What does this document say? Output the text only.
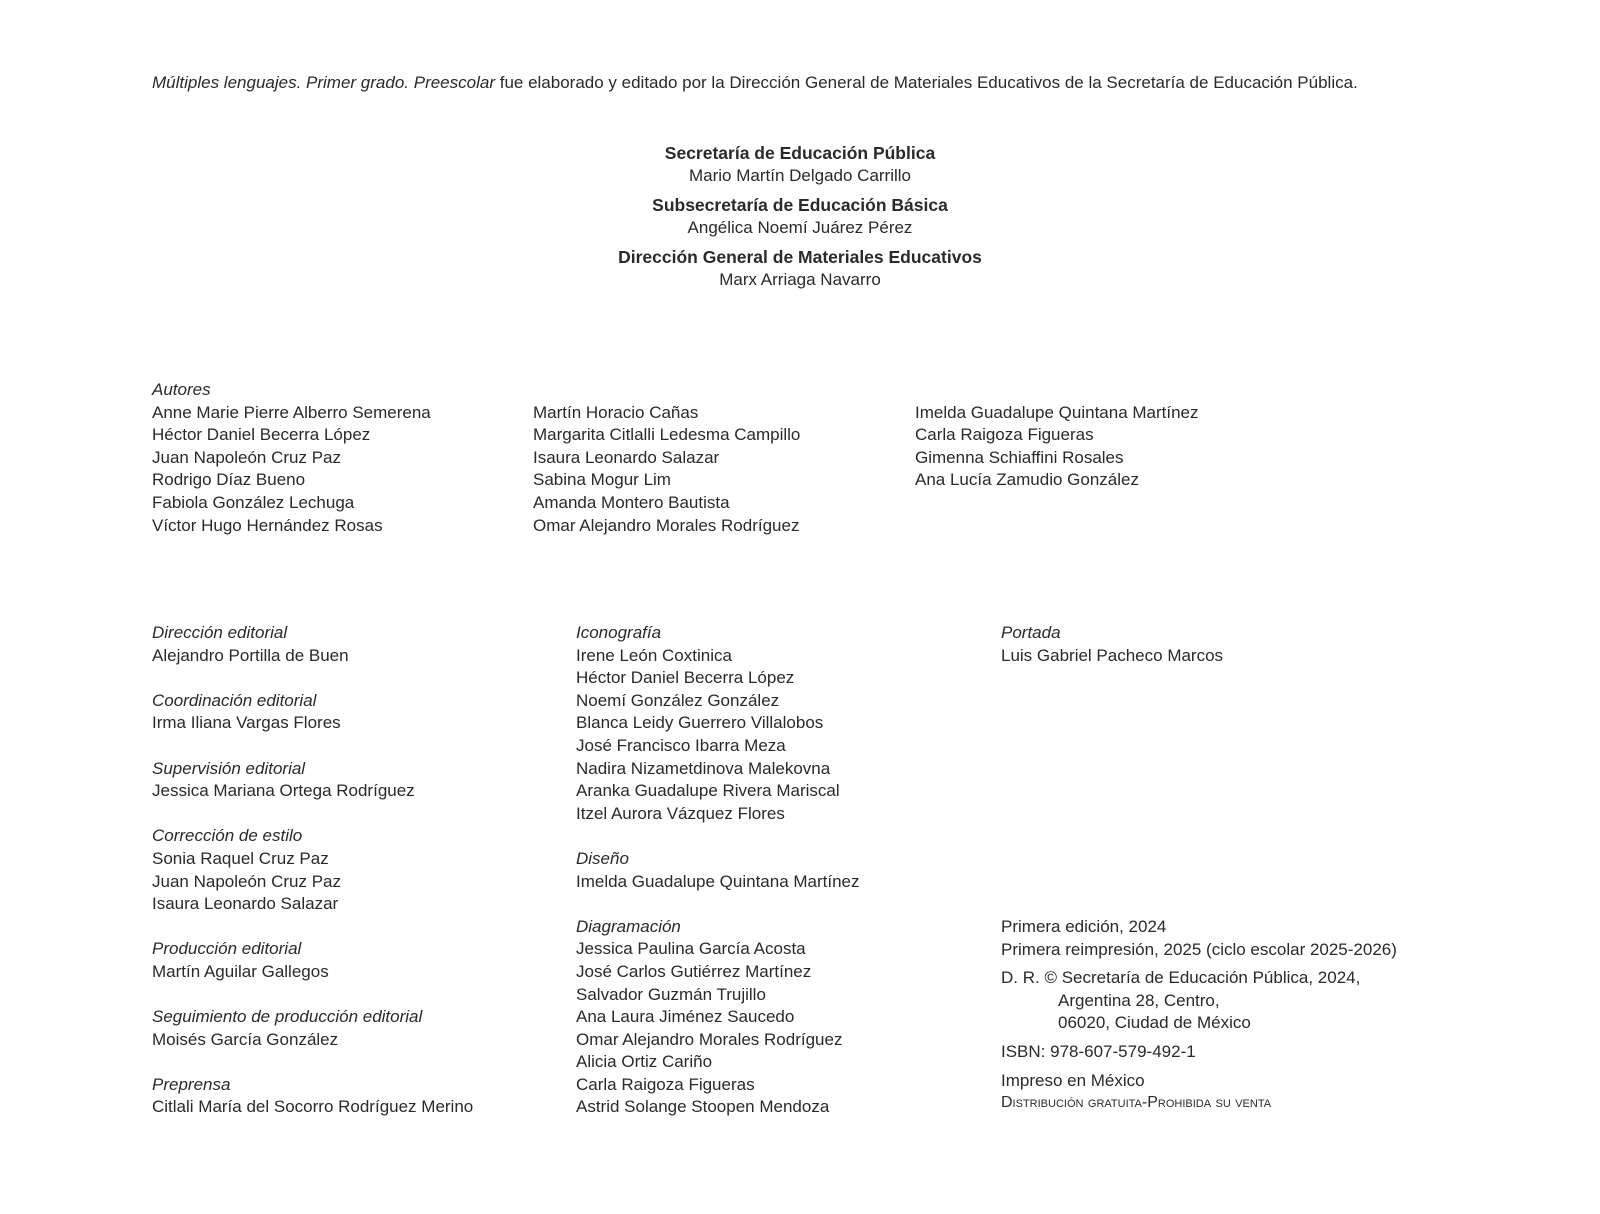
Múltiples lenguajes. Primer grado. Preescolar fue elaborado y editado por la Dirección General de Materiales Educativos de la Secretaría de Educación Pública.
Secretaría de Educación Pública
Mario Martín Delgado Carrillo
Subsecretaría de Educación Básica
Angélica Noemí Juárez Pérez
Dirección General de Materiales Educativos
Marx Arriaga Navarro
Autores
Anne Marie Pierre Alberro Semerena
Héctor Daniel Becerra López
Juan Napoleón Cruz Paz
Rodrigo Díaz Bueno
Fabiola González Lechuga
Víctor Hugo Hernández Rosas
Martín Horacio Cañas
Margarita Citlalli Ledesma Campillo
Isaura Leonardo Salazar
Sabina Mogur Lim
Amanda Montero Bautista
Omar Alejandro Morales Rodríguez
Imelda Guadalupe Quintana Martínez
Carla Raigoza Figueras
Gimenna Schiaffini Rosales
Ana Lucía Zamudio González
Dirección editorial
Alejandro Portilla de Buen
Coordinación editorial
Irma Iliana Vargas Flores
Supervisión editorial
Jessica Mariana Ortega Rodríguez
Corrección de estilo
Sonia Raquel Cruz Paz
Juan Napoleón Cruz Paz
Isaura Leonardo Salazar
Producción editorial
Martín Aguilar Gallegos
Seguimiento de producción editorial
Moisés García González
Preprensa
Citlali María del Socorro Rodríguez Merino
Iconografía
Irene León Coxtinica
Héctor Daniel Becerra López
Noemí González González
Blanca Leidy Guerrero Villalobos
José Francisco Ibarra Meza
Nadira Nizametdinova Malekovna
Aranka Guadalupe Rivera Mariscal
Itzel Aurora Vázquez Flores
Diseño
Imelda Guadalupe Quintana Martínez
Diagramación
Jessica Paulina García Acosta
José Carlos Gutiérrez Martínez
Salvador Guzmán Trujillo
Ana Laura Jiménez Saucedo
Omar Alejandro Morales Rodríguez
Alicia Ortiz Cariño
Carla Raigoza Figueras
Astrid Solange Stoopen Mendoza
Portada
Luis Gabriel Pacheco Marcos
Primera edición, 2024
Primera reimpresión, 2025 (ciclo escolar 2025-2026)
D. R. © Secretaría de Educación Pública, 2024,
Argentina 28, Centro,
06020, Ciudad de México
ISBN: 978-607-579-492-1
Impreso en México
Distribución gratuita-Prohibida su venta
